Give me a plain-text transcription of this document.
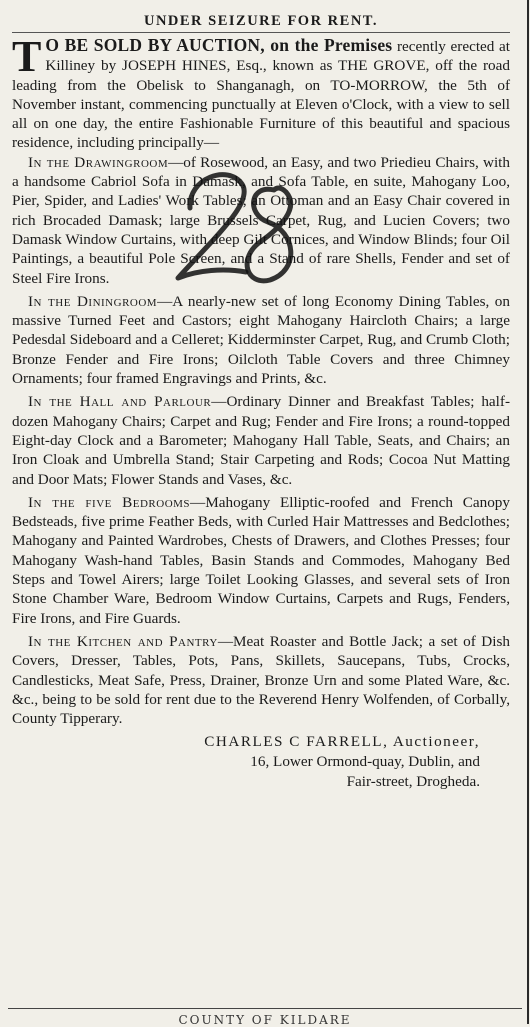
UNDER SEIZURE FOR RENT.

T O BE SOLD BY AUCTION, on the Premises recently erected at Killiney by JOSEPH HINES, Esq., known as THE GROVE, off the road leading from the Obelisk to Shanganagh, on TO-MORROW, the 5th of November instant, commencing punctually at Eleven o'Clock, with a view to sell all on one day, the entire Fashionable Furniture of this beautiful and spacious residence, including principally—

In the Drawingroom—of Rosewood, an Easy, and two Priedieu Chairs, with a handsome Cabriol Sofa in Damask, and Sofa Table, en suite, Mahogany Loo, Pier, Spider, and Ladies' Work Tables; an Ottoman and an Easy Chair covered in rich Brocaded Damask; large Brussels Carpet, Rug, and Lucien Covers; two Damask Window Curtains, with deep Gilt Cornices, and Window Blinds; four Oil Paintings, a beautiful Pole Screen, and a Stand of rare Shells, Fender and set of Steel Fire Irons.

In the Diningroom—A nearly-new set of long Economy Dining Tables, on massive Turned Feet and Castors; eight Mahogany Haircloth Chairs; a large Pedesdal Sideboard and a Celleret; Kidderminster Carpet, Rug, and Crumb Cloth; Bronze Fender and Fire Irons; Oilcloth Table Covers and three Chimney Ornaments; four framed Engravings and Prints, &c.

In the Hall and Parlour—Ordinary Dinner and Breakfast Tables; half-dozen Mahogany Chairs; Carpet and Rug; Fender and Fire Irons; a round-topped Eight-day Clock and a Barometer; Mahogany Hall Table, Seats, and Chairs; an Iron Cloak and Umbrella Stand; Stair Carpeting and Rods; Cocoa Nut Matting and Door Mats; Flower Stands and Vases, &c.

In the five Bedrooms—Mahogany Elliptic-roofed and French Canopy Bedsteads, five prime Feather Beds, with Curled Hair Mattresses and Bedclothes; Mahogany and Painted Wardrobes, Chests of Drawers, and Clothes Presses; four Mahogany Wash-hand Tables, Basin Stands and Commodes, Mahogany Bed Steps and Towel Airers; large Toilet Looking Glasses, and several sets of Iron Stone Chamber Ware, Bedroom Window Curtains, Carpets and Rugs, Fenders, Fire Irons, and Fire Guards.

In the Kitchen and Pantry—Meat Roaster and Bottle Jack; a set of Dish Covers, Dresser, Tables, Pots, Pans, Skillets, Saucepans, Tubs, Crocks, Candlesticks, Meat Safe, Press, Drainer, Bronze Urn and some Plated Ware, &c. &c., being to be sold for rent due to the Reverend Henry Wolfenden, of Corbally, County Tipperary.

CHARLES C FARRELL, Auctioneer,

16, Lower Ormond-quay, Dublin, and

Fair-street, Drogheda.

COUNTY OF KILDARE
